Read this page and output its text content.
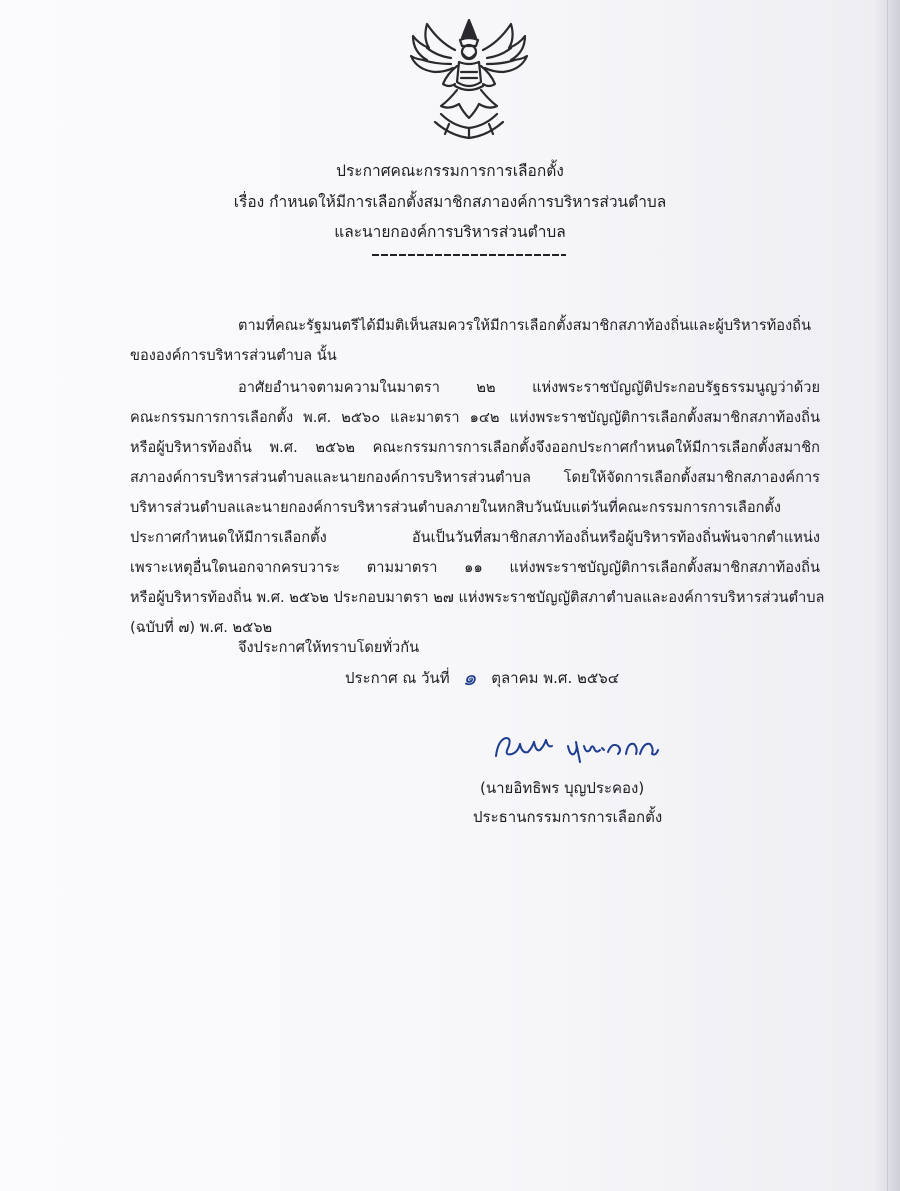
ประกาศคณะกรรมการการเลือกตั้ง
เรื่อง กำหนดให้มีการเลือกตั้งสมาชิกสภาองค์การบริหารส่วนตำบล
และนายกองค์การบริหารส่วนตำบล
ตามที่คณะรัฐมนตรีได้มีมติเห็นสมควรให้มีการเลือกตั้งสมาชิกสภาท้องถิ่นและผู้บริหารท้องถิ่น
ขององค์การบริหารส่วนตำบล นั้น
อาศัยอำนาจตามความในมาตรา ๒๒ แห่งพระราชบัญญัติประกอบรัฐธรรมนูญว่าด้วย
คณะกรรมการการเลือกตั้ง พ.ศ. ๒๕๖๐ และมาตรา ๑๔๒ แห่งพระราชบัญญัติการเลือกตั้งสมาชิกสภาท้องถิ่น
หรือผู้บริหารท้องถิ่น พ.ศ. ๒๕๖๒ คณะกรรมการการเลือกตั้งจึงออกประกาศกำหนดให้มีการเลือกตั้งสมาชิก
สภาองค์การบริหารส่วนตำบลและนายกองค์การบริหารส่วนตำบล โดยให้จัดการเลือกตั้งสมาชิกสภาองค์การ
บริหารส่วนตำบลและนายกองค์การบริหารส่วนตำบลภายในหกสิบวันนับแต่วันที่คณะกรรมการการเลือกตั้ง
ประกาศกำหนดให้มีการเลือกตั้ง อันเป็นวันที่สมาชิกสภาท้องถิ่นหรือผู้บริหารท้องถิ่นพ้นจากตำแหน่ง
เพราะเหตุอื่นใดนอกจากครบวาระ ตามมาตรา ๑๑ แห่งพระราชบัญญัติการเลือกตั้งสมาชิกสภาท้องถิ่น
หรือผู้บริหารท้องถิ่น พ.ศ. ๒๕๖๒ ประกอบมาตรา ๒๗ แห่งพระราชบัญญัติสภาตำบลและองค์การบริหารส่วนตำบล
(ฉบับที่ ๗) พ.ศ. ๒๕๖๒
จึงประกาศให้ทราบโดยทั่วกัน
ประกาศ ณ วันที่ ๑ ตุลาคม พ.ศ. ๒๕๖๔
(นายอิทธิพร บุญประคอง)
ประธานกรรมการการเลือกตั้ง
